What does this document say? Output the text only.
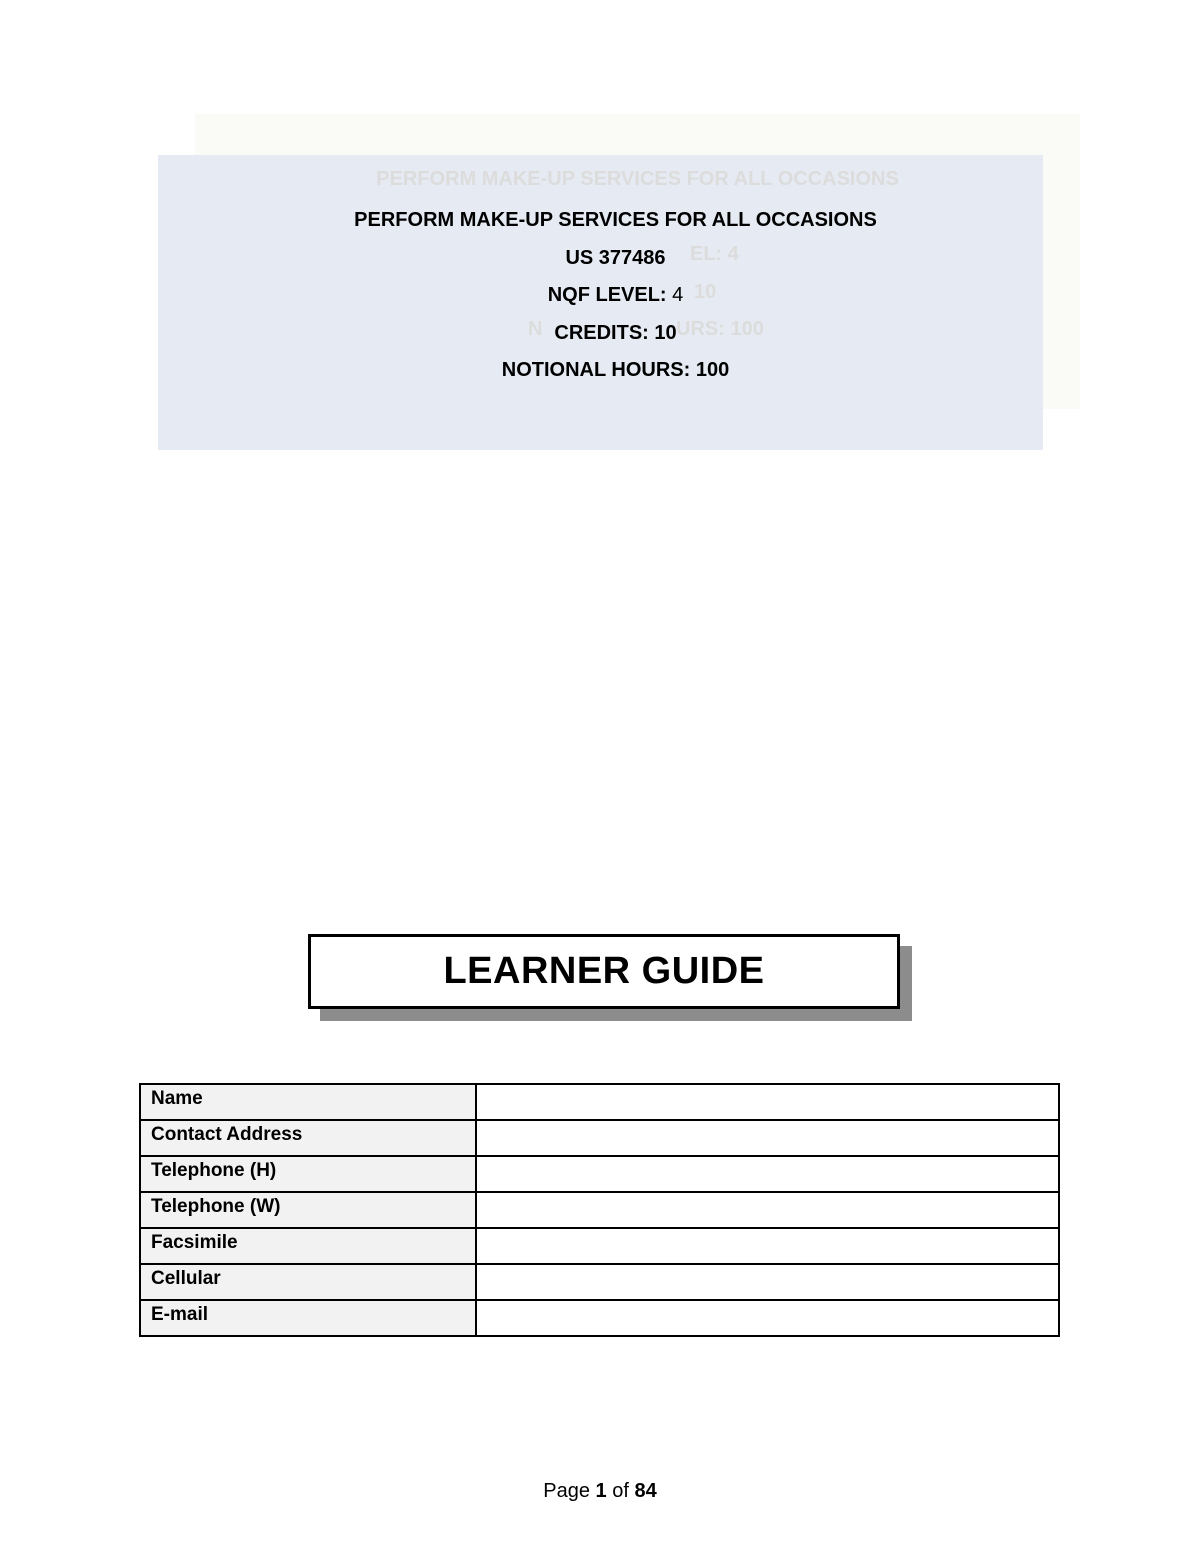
PERFORM MAKE-UP SERVICES FOR ALL OCCASIONS
EL: 4
10
N	URS: 100
PERFORM MAKE-UP SERVICES FOR ALL OCCASIONS
US 377486
NQF LEVEL: 4
CREDITS: 10
NOTIONAL HOURS: 100
LEARNER GUIDE
Name	
Contact Address	
Telephone (H)	
Telephone (W)	
Facsimile	
Cellular	
E-mail	
Page 1 of 84
